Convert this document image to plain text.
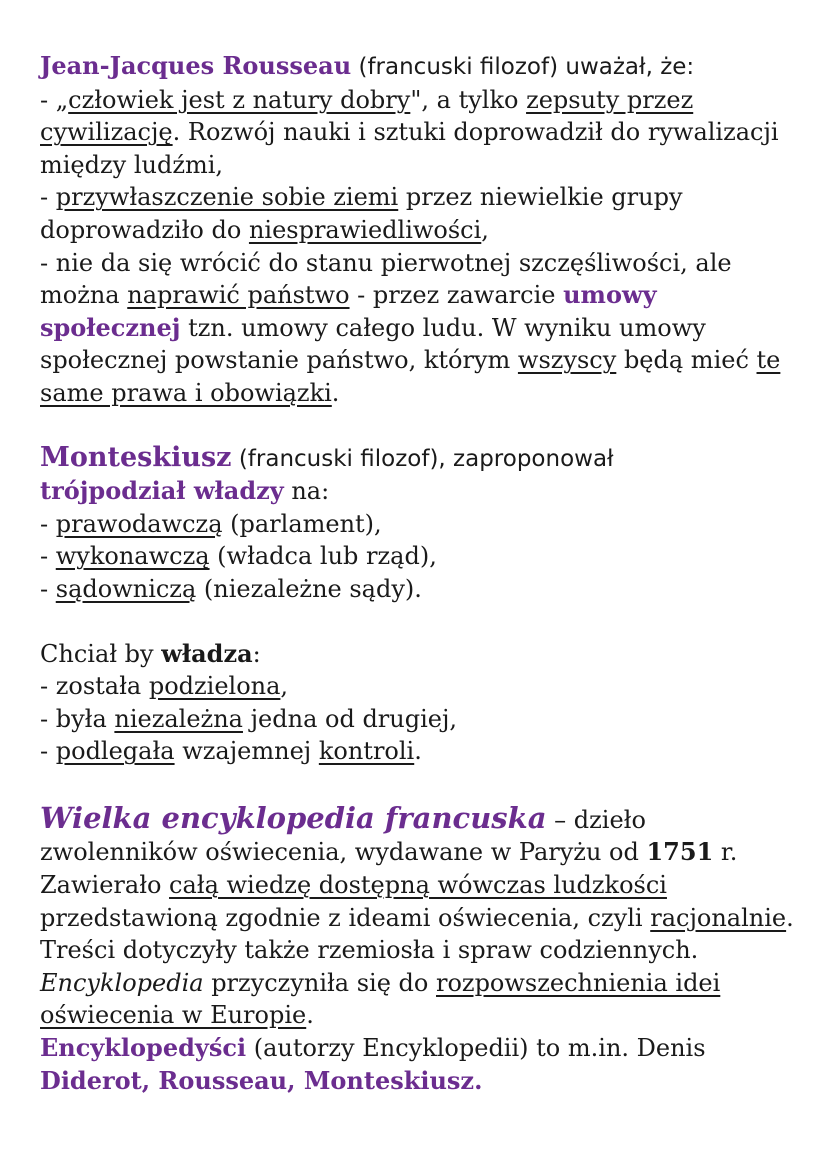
Jean-Jacques Rousseau (francuski filozof) uważał, że:
- „człowiek jest z natury dobry", a tylko zepsuty przez cywilizację. Rozwój nauki i sztuki doprowadził do rywalizacji między ludźmi,
- przywłaszczenie sobie ziemi przez niewielkie grupy doprowadziło do niesprawiedliwości,
- nie da się wrócić do stanu pierwotnej szczęśliwości, ale można naprawić państwo - przez zawarcie umowy społecznej tzn. umowy całego ludu. W wyniku umowy społecznej powstanie państwo, którym wszyscy będą mieć te same prawa i obowiązki.

Monteskiusz (francuski filozof), zaproponował
trójpodział władzy na:
- prawodawczą (parlament),
- wykonawczą (władca lub rząd),
- sądowniczą (niezależne sądy).

Chciał by władza:
- została podzielona,
- była niezależna jedna od drugiej,
- podlegała wzajemnej kontroli.

Wielka encyklopedia francuska – dzieło zwolenników oświecenia, wydawane w Paryżu od 1751 r. Zawierało całą wiedzę dostępną wówczas ludzkości przedstawioną zgodnie z ideami oświecenia, czyli racjonalnie. Treści dotyczyły także rzemiosła i spraw codziennych. Encyklopedia przyczyniła się do rozpowszechnienia idei oświecenia w Europie.
Encyklopedyści (autorzy Encyklopedii) to m.in. Denis
Diderot, Rousseau, Monteskiusz.
